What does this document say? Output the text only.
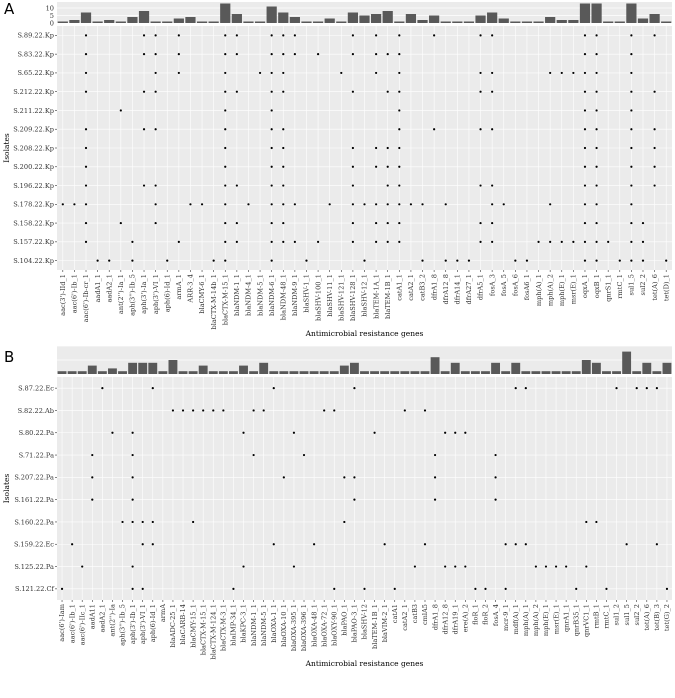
A	10
5
0
S.89.22.Kp
S.83.22.Kp
S.65.22.Kp
S.212.22.Kp
S.211.22.Kp
S.209.22.Kp
S.208.22.Kp
S.200.22.Kp
S.196.22.Kp
S.178.22.Kp
S.158.22.Kp
S.157.22.Kp
S.104.22.Kp
aac(3')-IId_1 aac(6')-Ib_1 aac(6')-Ib-cr_1 aadA1_1 aadA2_1 ant(2'')-Ia_1 aph(3'')-Ib_5 aph(3')-Ia_1 aph(3')-VI_1 aph(6)-Id_1 armA_1 ARR-3_4 blaCMY-6_1 blaCTX-M-14b_1 blaCTX-M-15_1 blaNDM-1_1 blaNDM-4_1 blaNDM-5_1 blaNDM-6_1 blaNDM-48_1 blaNDM-9_1 blaSHV-1_1 blaSHV-100_1 blaSHV-11_1 blaSHV-121_1 blaSHV-128_1 blaSHV-12_1 blaTEM-1A_1 blaTEM-1B_1 catA1_1 catA2_1 catB3_2 dfrA1_8 dfrA12_8 dfrA14_1 dfrA27_1 dfrA5_1 fosA_3 fosA_5 fosA_6 fosA6_1 mph(A)_1 mph(A)_2 mph(E)_1 msr(E)_1 oqxA_1 oqxB_1 qnrS1_1 rmtC_1 sul1_5 sul2_2 tet(A)_6 tet(D)_1
Antimicrobial resistance genes
Isolates
B
S.87.22.Ec
S.82.22.Ab
S.80.22.Pa
S.71.22.Pa
S.207.22.Pa
S.161.22.Pa
S.160.22.Pa
S.159.22.Ec
S.125.22.Pa
S.121.22.Cf
aac(6')-Iam aac(6')-Ib_1 aac(6')-IIc_1 aadA11 aadA2_1 ant(2'')-Ia aph(3'')-Ib_5 aph(3')-Ib_1 aph(3')-VI_1 aph(6)-Id_1 armA blaADC-25_1 blaCARB-14 blaCMY-15_1 blaCTX-M-15_1 blaCTX-M-124_1 blaCTX-M-3_1 blaIMP-34_1 blaKPC-3_1 blaNDM-1_1 blaNDM-5_1 blaOXA-1_1 blaOXA-10_1 blaOXA-395_1 blaOXA-396_1 blaOXA-48_1 blaOXA-72_1 blaOXY-90_1 blaPAO_1 blaPAO-3_1 blaSHV-12 blaTEM-1B_1 blaVIM-2_1 catA1 catA2_1 catB3 cmlA5 dfrA1_8 dfrA12_8 dfrA19_1 ere(A)_2 floR_1 floR_2 fosA_4 mcr-9_1 mdf(A)_1 mph(A)_1 mph(A)_2 mph(E)_1 msr(E)_1 qnrA1_1 qnrB35_1 qnrVC1_1 rmtB_1 rmtC_1 sul1_2 sul1_5 sul2_2 tet(A)_6 tet(B)_3 tet(G)_2
Antimicrobial resistance genes
Isolates
